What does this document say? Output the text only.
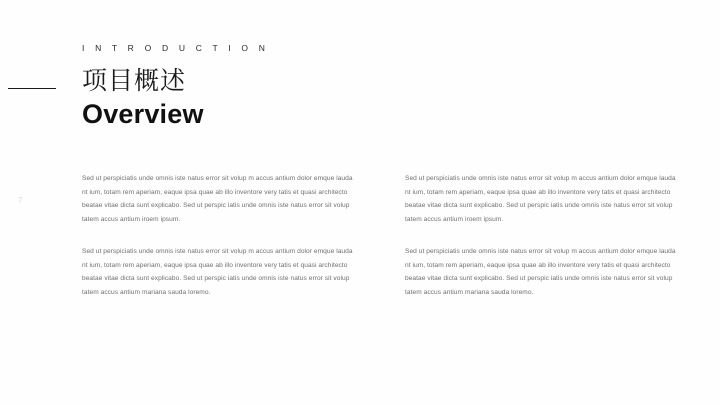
7
I N T R O D U C T I O N
项目概述
Overview

Sed ut perspiciatis unde omnis iste natus error sit volup m accus antium dolor emque lauda nt ium, totam rem aperiam, eaque ipsa quae ab illo inventore very tatis et quasi architecto beatae vitae dicta sunt explicabo. Sed ut perspic iatis unde omnis iste natus error sit volup tatem accus antium iroem ipsum.

Sed ut perspiciatis unde omnis iste natus error sit volup m accus antium dolor emque lauda nt ium, totam rem aperiam, eaque ipsa quae ab illo inventore very tatis et quasi architecto beatae vitae dicta sunt explicabo. Sed ut perspic iatis unde omnis iste natus error sit volup tatem accus antium mariana sauda loremo.

Sed ut perspiciatis unde omnis iste natus error sit volup m accus antium dolor emque lauda nt ium, totam rem aperiam, eaque ipsa quae ab illo inventore very tatis et quasi architecto beatae vitae dicta sunt explicabo. Sed ut perspic iatis unde omnis iste natus error sit volup tatem accus antium iroem ipsum.

Sed ut perspiciatis unde omnis iste natus error sit volup m accus antium dolor emque lauda nt ium, totam rem aperiam, eaque ipsa quae ab illo inventore very tatis et quasi architecto beatae vitae dicta sunt explicabo. Sed ut perspic iatis unde omnis iste natus error sit volup tatem accus antium mariana sauda loremo.
